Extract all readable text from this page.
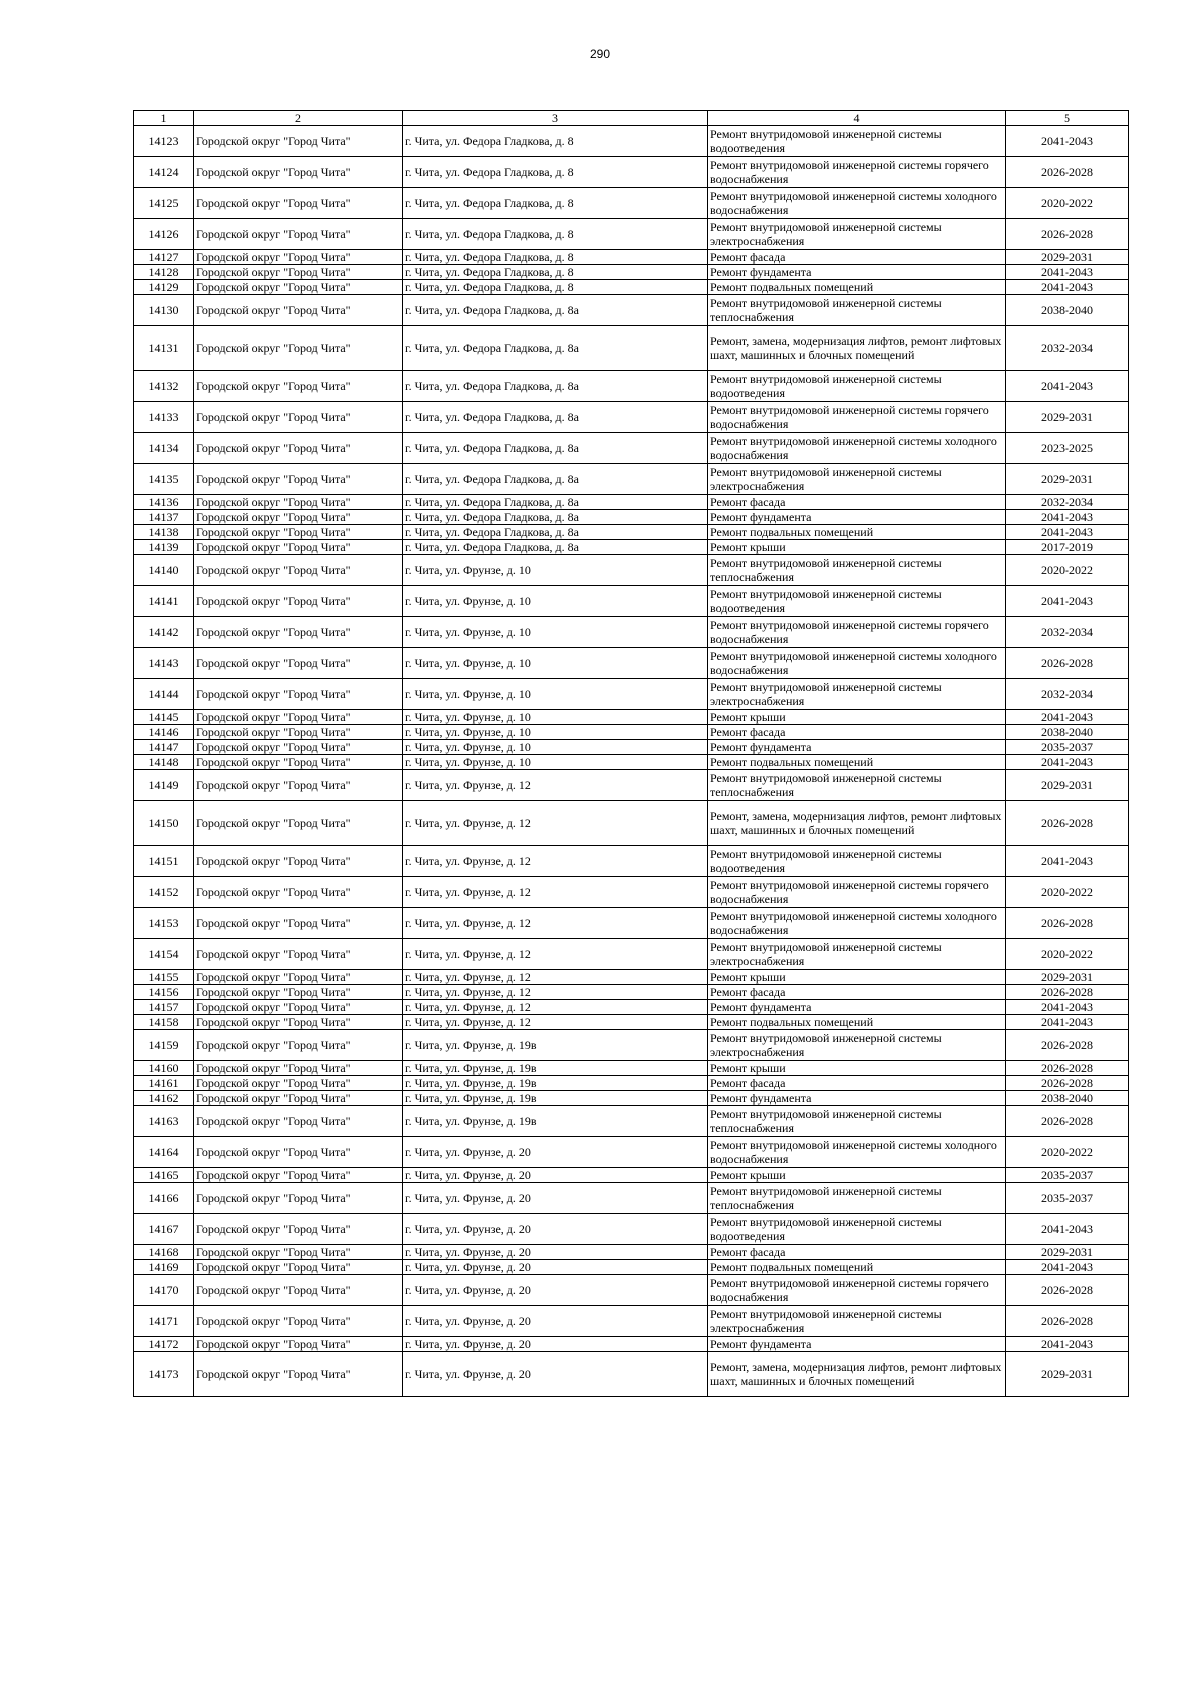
290
1	2	3	4	5
14123	Городской округ "Город Чита"	г. Чита, ул. Федора Гладкова, д. 8	Ремонт внутридомовой инженерной системы водоотведения	2041-2043
14124	Городской округ "Город Чита"	г. Чита, ул. Федора Гладкова, д. 8	Ремонт внутридомовой инженерной системы горячего водоснабжения	2026-2028
14125	Городской округ "Город Чита"	г. Чита, ул. Федора Гладкова, д. 8	Ремонт внутридомовой инженерной системы холодного водоснабжения	2020-2022
14126	Городской округ "Город Чита"	г. Чита, ул. Федора Гладкова, д. 8	Ремонт внутридомовой инженерной системы электроснабжения	2026-2028
14127	Городской округ "Город Чита"	г. Чита, ул. Федора Гладкова, д. 8	Ремонт фасада	2029-2031
14128	Городской округ "Город Чита"	г. Чита, ул. Федора Гладкова, д. 8	Ремонт фундамента	2041-2043
14129	Городской округ "Город Чита"	г. Чита, ул. Федора Гладкова, д. 8	Ремонт подвальных помещений	2041-2043
14130	Городской округ "Город Чита"	г. Чита, ул. Федора Гладкова, д. 8а	Ремонт внутридомовой инженерной системы теплоснабжения	2038-2040
14131	Городской округ "Город Чита"	г. Чита, ул. Федора Гладкова, д. 8а	Ремонт, замена, модернизация лифтов, ремонт лифтовых шахт, машинных и блочных помещений	2032-2034
14132	Городской округ "Город Чита"	г. Чита, ул. Федора Гладкова, д. 8а	Ремонт внутридомовой инженерной системы водоотведения	2041-2043
14133	Городской округ "Город Чита"	г. Чита, ул. Федора Гладкова, д. 8а	Ремонт внутридомовой инженерной системы горячего водоснабжения	2029-2031
14134	Городской округ "Город Чита"	г. Чита, ул. Федора Гладкова, д. 8а	Ремонт внутридомовой инженерной системы холодного водоснабжения	2023-2025
14135	Городской округ "Город Чита"	г. Чита, ул. Федора Гладкова, д. 8а	Ремонт внутридомовой инженерной системы электроснабжения	2029-2031
14136	Городской округ "Город Чита"	г. Чита, ул. Федора Гладкова, д. 8а	Ремонт фасада	2032-2034
14137	Городской округ "Город Чита"	г. Чита, ул. Федора Гладкова, д. 8а	Ремонт фундамента	2041-2043
14138	Городской округ "Город Чита"	г. Чита, ул. Федора Гладкова, д. 8а	Ремонт подвальных помещений	2041-2043
14139	Городской округ "Город Чита"	г. Чита, ул. Федора Гладкова, д. 8а	Ремонт крыши	2017-2019
14140	Городской округ "Город Чита"	г. Чита, ул. Фрунзе, д. 10	Ремонт внутридомовой инженерной системы теплоснабжения	2020-2022
14141	Городской округ "Город Чита"	г. Чита, ул. Фрунзе, д. 10	Ремонт внутридомовой инженерной системы водоотведения	2041-2043
14142	Городской округ "Город Чита"	г. Чита, ул. Фрунзе, д. 10	Ремонт внутридомовой инженерной системы горячего водоснабжения	2032-2034
14143	Городской округ "Город Чита"	г. Чита, ул. Фрунзе, д. 10	Ремонт внутридомовой инженерной системы холодного водоснабжения	2026-2028
14144	Городской округ "Город Чита"	г. Чита, ул. Фрунзе, д. 10	Ремонт внутридомовой инженерной системы электроснабжения	2032-2034
14145	Городской округ "Город Чита"	г. Чита, ул. Фрунзе, д. 10	Ремонт крыши	2041-2043
14146	Городской округ "Город Чита"	г. Чита, ул. Фрунзе, д. 10	Ремонт фасада	2038-2040
14147	Городской округ "Город Чита"	г. Чита, ул. Фрунзе, д. 10	Ремонт фундамента	2035-2037
14148	Городской округ "Город Чита"	г. Чита, ул. Фрунзе, д. 10	Ремонт подвальных помещений	2041-2043
14149	Городской округ "Город Чита"	г. Чита, ул. Фрунзе, д. 12	Ремонт внутридомовой инженерной системы теплоснабжения	2029-2031
14150	Городской округ "Город Чита"	г. Чита, ул. Фрунзе, д. 12	Ремонт, замена, модернизация лифтов, ремонт лифтовых шахт, машинных и блочных помещений	2026-2028
14151	Городской округ "Город Чита"	г. Чита, ул. Фрунзе, д. 12	Ремонт внутридомовой инженерной системы водоотведения	2041-2043
14152	Городской округ "Город Чита"	г. Чита, ул. Фрунзе, д. 12	Ремонт внутридомовой инженерной системы горячего водоснабжения	2020-2022
14153	Городской округ "Город Чита"	г. Чита, ул. Фрунзе, д. 12	Ремонт внутридомовой инженерной системы холодного водоснабжения	2026-2028
14154	Городской округ "Город Чита"	г. Чита, ул. Фрунзе, д. 12	Ремонт внутридомовой инженерной системы электроснабжения	2020-2022
14155	Городской округ "Город Чита"	г. Чита, ул. Фрунзе, д. 12	Ремонт крыши	2029-2031
14156	Городской округ "Город Чита"	г. Чита, ул. Фрунзе, д. 12	Ремонт фасада	2026-2028
14157	Городской округ "Город Чита"	г. Чита, ул. Фрунзе, д. 12	Ремонт фундамента	2041-2043
14158	Городской округ "Город Чита"	г. Чита, ул. Фрунзе, д. 12	Ремонт подвальных помещений	2041-2043
14159	Городской округ "Город Чита"	г. Чита, ул. Фрунзе, д. 19в	Ремонт внутридомовой инженерной системы электроснабжения	2026-2028
14160	Городской округ "Город Чита"	г. Чита, ул. Фрунзе, д. 19в	Ремонт крыши	2026-2028
14161	Городской округ "Город Чита"	г. Чита, ул. Фрунзе, д. 19в	Ремонт фасада	2026-2028
14162	Городской округ "Город Чита"	г. Чита, ул. Фрунзе, д. 19в	Ремонт фундамента	2038-2040
14163	Городской округ "Город Чита"	г. Чита, ул. Фрунзе, д. 19в	Ремонт внутридомовой инженерной системы теплоснабжения	2026-2028
14164	Городской округ "Город Чита"	г. Чита, ул. Фрунзе, д. 20	Ремонт внутридомовой инженерной системы холодного водоснабжения	2020-2022
14165	Городской округ "Город Чита"	г. Чита, ул. Фрунзе, д. 20	Ремонт крыши	2035-2037
14166	Городской округ "Город Чита"	г. Чита, ул. Фрунзе, д. 20	Ремонт внутридомовой инженерной системы теплоснабжения	2035-2037
14167	Городской округ "Город Чита"	г. Чита, ул. Фрунзе, д. 20	Ремонт внутридомовой инженерной системы водоотведения	2041-2043
14168	Городской округ "Город Чита"	г. Чита, ул. Фрунзе, д. 20	Ремонт фасада	2029-2031
14169	Городской округ "Город Чита"	г. Чита, ул. Фрунзе, д. 20	Ремонт подвальных помещений	2041-2043
14170	Городской округ "Город Чита"	г. Чита, ул. Фрунзе, д. 20	Ремонт внутридомовой инженерной системы горячего водоснабжения	2026-2028
14171	Городской округ "Город Чита"	г. Чита, ул. Фрунзе, д. 20	Ремонт внутридомовой инженерной системы электроснабжения	2026-2028
14172	Городской округ "Город Чита"	г. Чита, ул. Фрунзе, д. 20	Ремонт фундамента	2041-2043
14173	Городской округ "Город Чита"	г. Чита, ул. Фрунзе, д. 20	Ремонт, замена, модернизация лифтов, ремонт лифтовых шахт, машинных и блочных помещений	2029-2031
